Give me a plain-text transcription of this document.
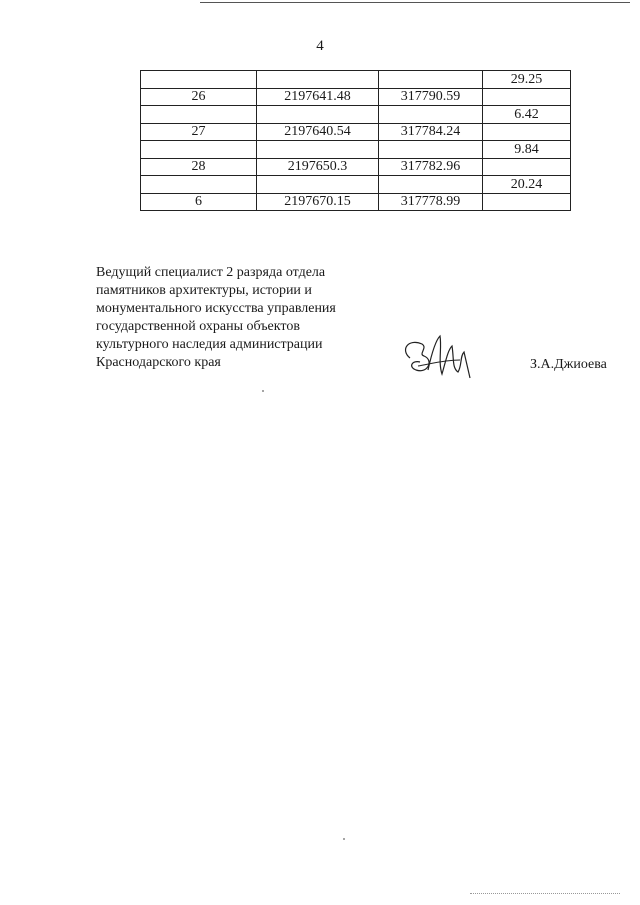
4
			29.25
26	2197641.48	317790.59	
			6.42
27	2197640.54	317784.24	
			9.84
28	2197650.3	317782.96	
			20.24
6	2197670.15	317778.99	
Ведущий специалист 2 разряда отдела
памятников архитектуры, истории и
монументального искусства управления
государственной охраны объектов
культурного наследия администрации
Краснодарского края	З.А.Джиоева
